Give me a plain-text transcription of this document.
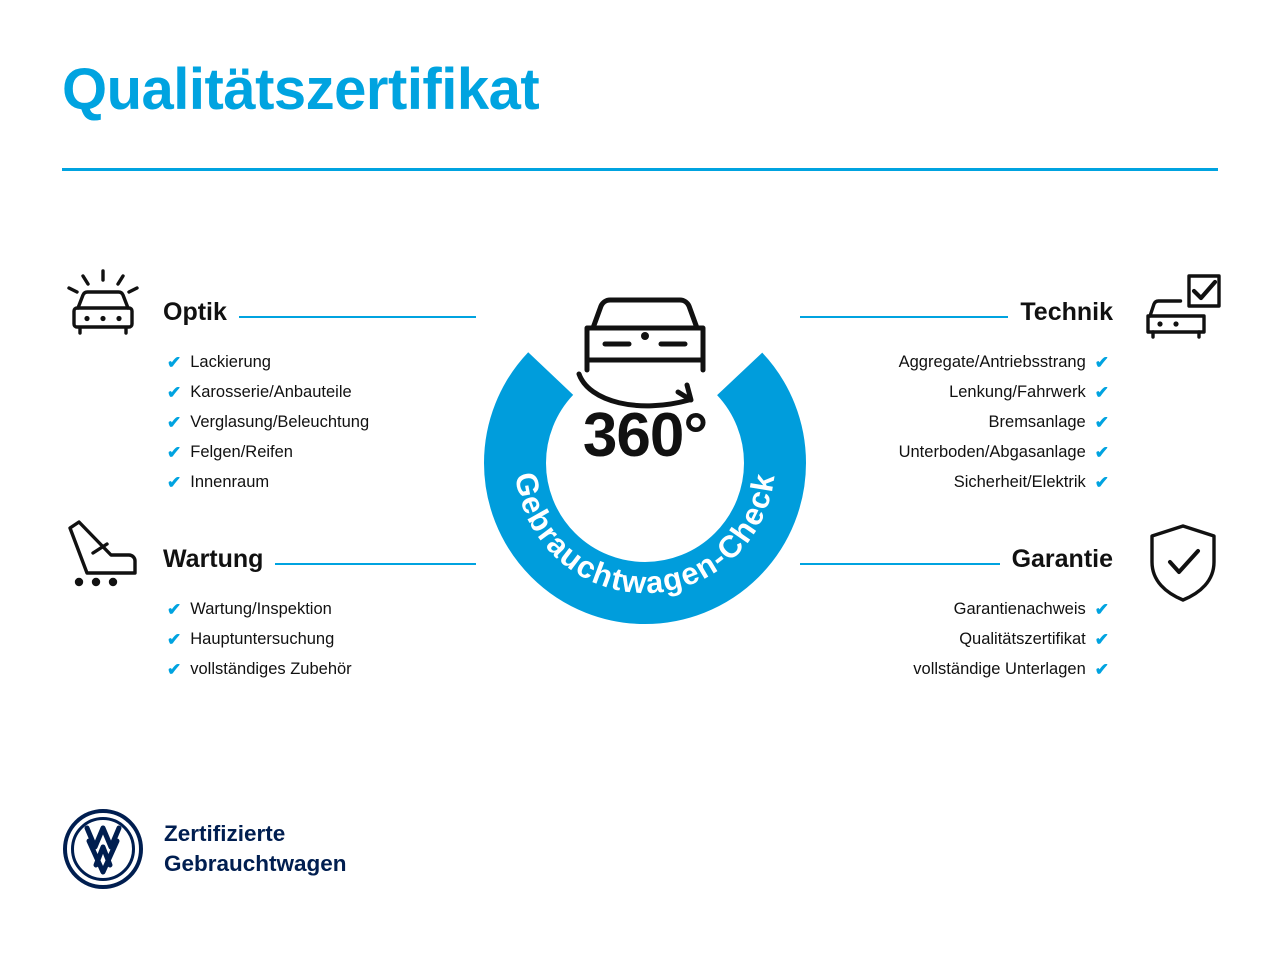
Qualitätszertifikat
Optik
✔ Lackierung
✔ Karosserie/Anbauteile
✔ Verglasung/Beleuchtung
✔ Felgen/Reifen
✔ Innenraum
Wartung
✔ Wartung/Inspektion
✔ Hauptuntersuchung
✔ vollständiges Zubehör
Technik
✔
Aggregate/Antriebsstrang
✔
Lenkung/Fahrwerk
✔
Bremsanlage
✔
Unterboden/Abgasanlage
✔
Sicherheit/Elektrik
Garantie
✔
Garantienachweis
✔
Qualitätszertifikat
✔
vollständige Unterlagen
Gebrauchtwagen-Check
360°
Zertifizierte
Gebrauchtwagen
